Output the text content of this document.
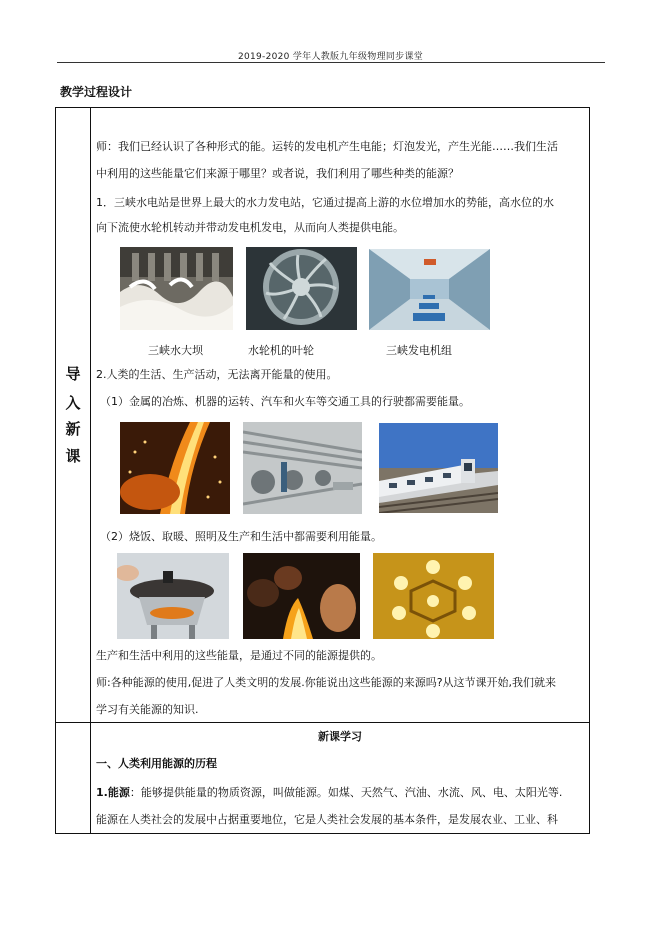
2019-2020 学年人教版九年级物理同步课堂
教学过程设计
导
入
新
课
师：我们已经认识了各种形式的能。运转的发电机产生电能；灯泡发光，产生光能……我们生活
中利用的这些能量它们来源于哪里？或者说，我们利用了哪些种类的能源？
1．三峡水电站是世界上最大的水力发电站，它通过提高上游的水位增加水的势能，高水位的水
向下流使水轮机转动并带动发电机发电，从而向人类提供电能。
三峡水大坝	水轮机的叶轮	三峡发电机组
2.人类的生活、生产活动，无法离开能量的使用。
（1）金属的冶炼、机器的运转、汽车和火车等交通工具的行驶都需要能量。
（2）烧饭、取暖、照明及生产和生活中都需要利用能量。
生产和生活中利用的这些能量，是通过不同的能源提供的。
师:各种能源的使用,促进了人类文明的发展.你能说出这些能源的来源吗?从这节课开始,我们就来
学习有关能源的知识.
新课学习
一、人类利用能源的历程
1.能源：能够提供能量的物质资源，叫做能源。如煤、天然气、汽油、水流、风、电、太阳光等.
能源在人类社会的发展中占据重要地位，它是人类社会发展的基本条件，是发展农业、工业、科
